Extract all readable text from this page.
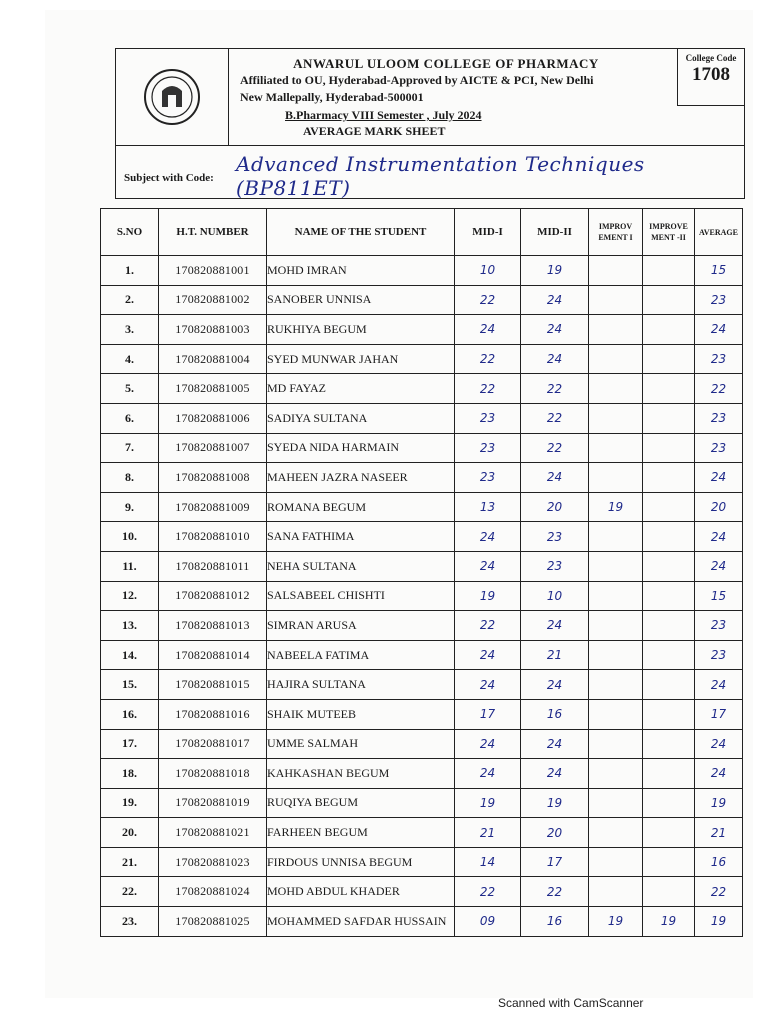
ANWARUL ULOOM COLLEGE OF PHARMACY
Affiliated to OU, Hyderabad-Approved by AICTE & PCI, New Delhi
New Mallepally, Hyderabad-500001
College Code
1708
B.Pharmacy VIII Semester , July 2024
AVERAGE MARK SHEET
Subject with Code:
Advanced Instrumentation Techniques (BP811ET)
S.NO	H.T. NUMBER	NAME OF THE STUDENT	MID-I	MID-II	IMPROV EMENT I	IMPROVE MENT -II	AVERAGE
1.	170820881001	MOHD IMRAN	10	19			15
2.	170820881002	SANOBER UNNISA	22	24			23
3.	170820881003	RUKHIYA BEGUM	24	24			24
4.	170820881004	SYED MUNWAR JAHAN	22	24			23
5.	170820881005	MD FAYAZ	22	22			22
6.	170820881006	SADIYA SULTANA	23	22			23
7.	170820881007	SYEDA NIDA HARMAIN	23	22			23
8.	170820881008	MAHEEN JAZRA NASEER	23	24			24
9.	170820881009	ROMANA BEGUM	13	20	19		20
10.	170820881010	SANA FATHIMA	24	23			24
11.	170820881011	NEHA SULTANA	24	23			24
12.	170820881012	SALSABEEL CHISHTI	19	10			15
13.	170820881013	SIMRAN ARUSA	22	24			23
14.	170820881014	NABEELA FATIMA	24	21			23
15.	170820881015	HAJIRA SULTANA	24	24			24
16.	170820881016	SHAIK MUTEEB	17	16			17
17.	170820881017	UMME SALMAH	24	24			24
18.	170820881018	KAHKASHAN BEGUM	24	24			24
19.	170820881019	RUQIYA BEGUM	19	19			19
20.	170820881021	FARHEEN BEGUM	21	20			21
21.	170820881023	FIRDOUS UNNISA BEGUM	14	17			16
22.	170820881024	MOHD ABDUL KHADER	22	22			22
23.	170820881025	MOHAMMED SAFDAR HUSSAIN	09	16	19	19	19
Scanned with CamScanner
